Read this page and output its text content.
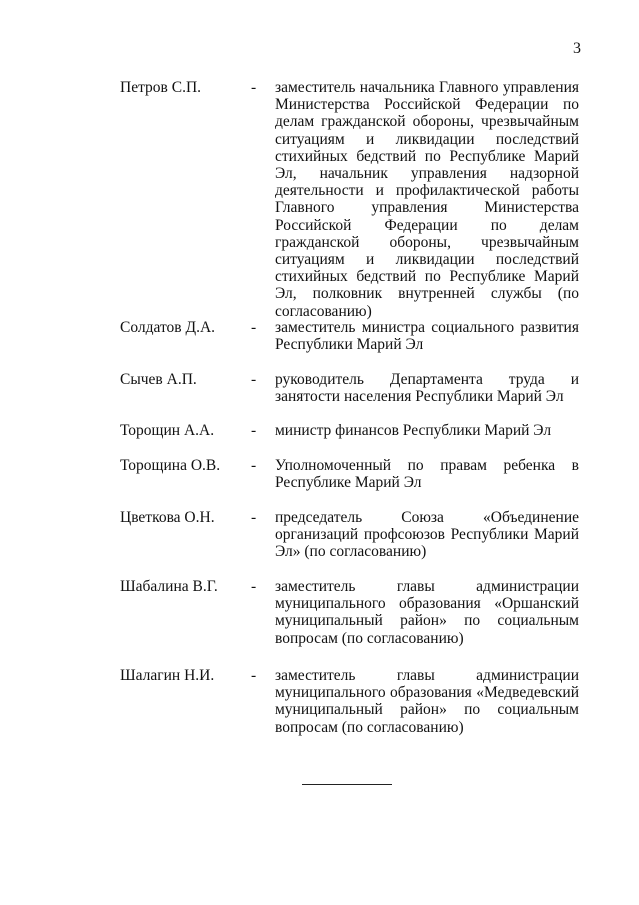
3
Петров С.П.	- заместитель начальника Главного управления Министерства Российской Федерации по делам гражданской обороны, чрезвычайным ситуациям и ликвидации последствий стихийных бедствий по Республике Марий Эл, начальник управления надзорной деятельности и профилактической работы Главного управления Министерства Российской Федерации по делам гражданской обороны, чрезвычайным ситуациям и ликвидации последствий стихийных бедствий по Республике Марий Эл, полковник внутренней службы (по согласованию)
Солдатов Д.А. - заместитель министра социального развития Республики Марий Эл
Сычев А.П.	- руководитель Департамента труда и занятости населения Республики Марий Эл
Торощин А.А. - министр финансов Республики Марий Эл
Торощина О.В. - Уполномоченный по правам ребенка в Республике Марий Эл
Цветкова О.Н. - председатель Союза «Объединение организаций профсоюзов Республики Марий Эл» (по согласованию)
Шабалина В.Г. - заместитель главы администрации муниципального образования «Оршанский муниципальный район» по социальным вопросам (по согласованию)
Шалагин Н.И. - заместитель главы администрации муниципального образования «Медведевский муниципальный район» по социальным вопросам (по согласованию)
